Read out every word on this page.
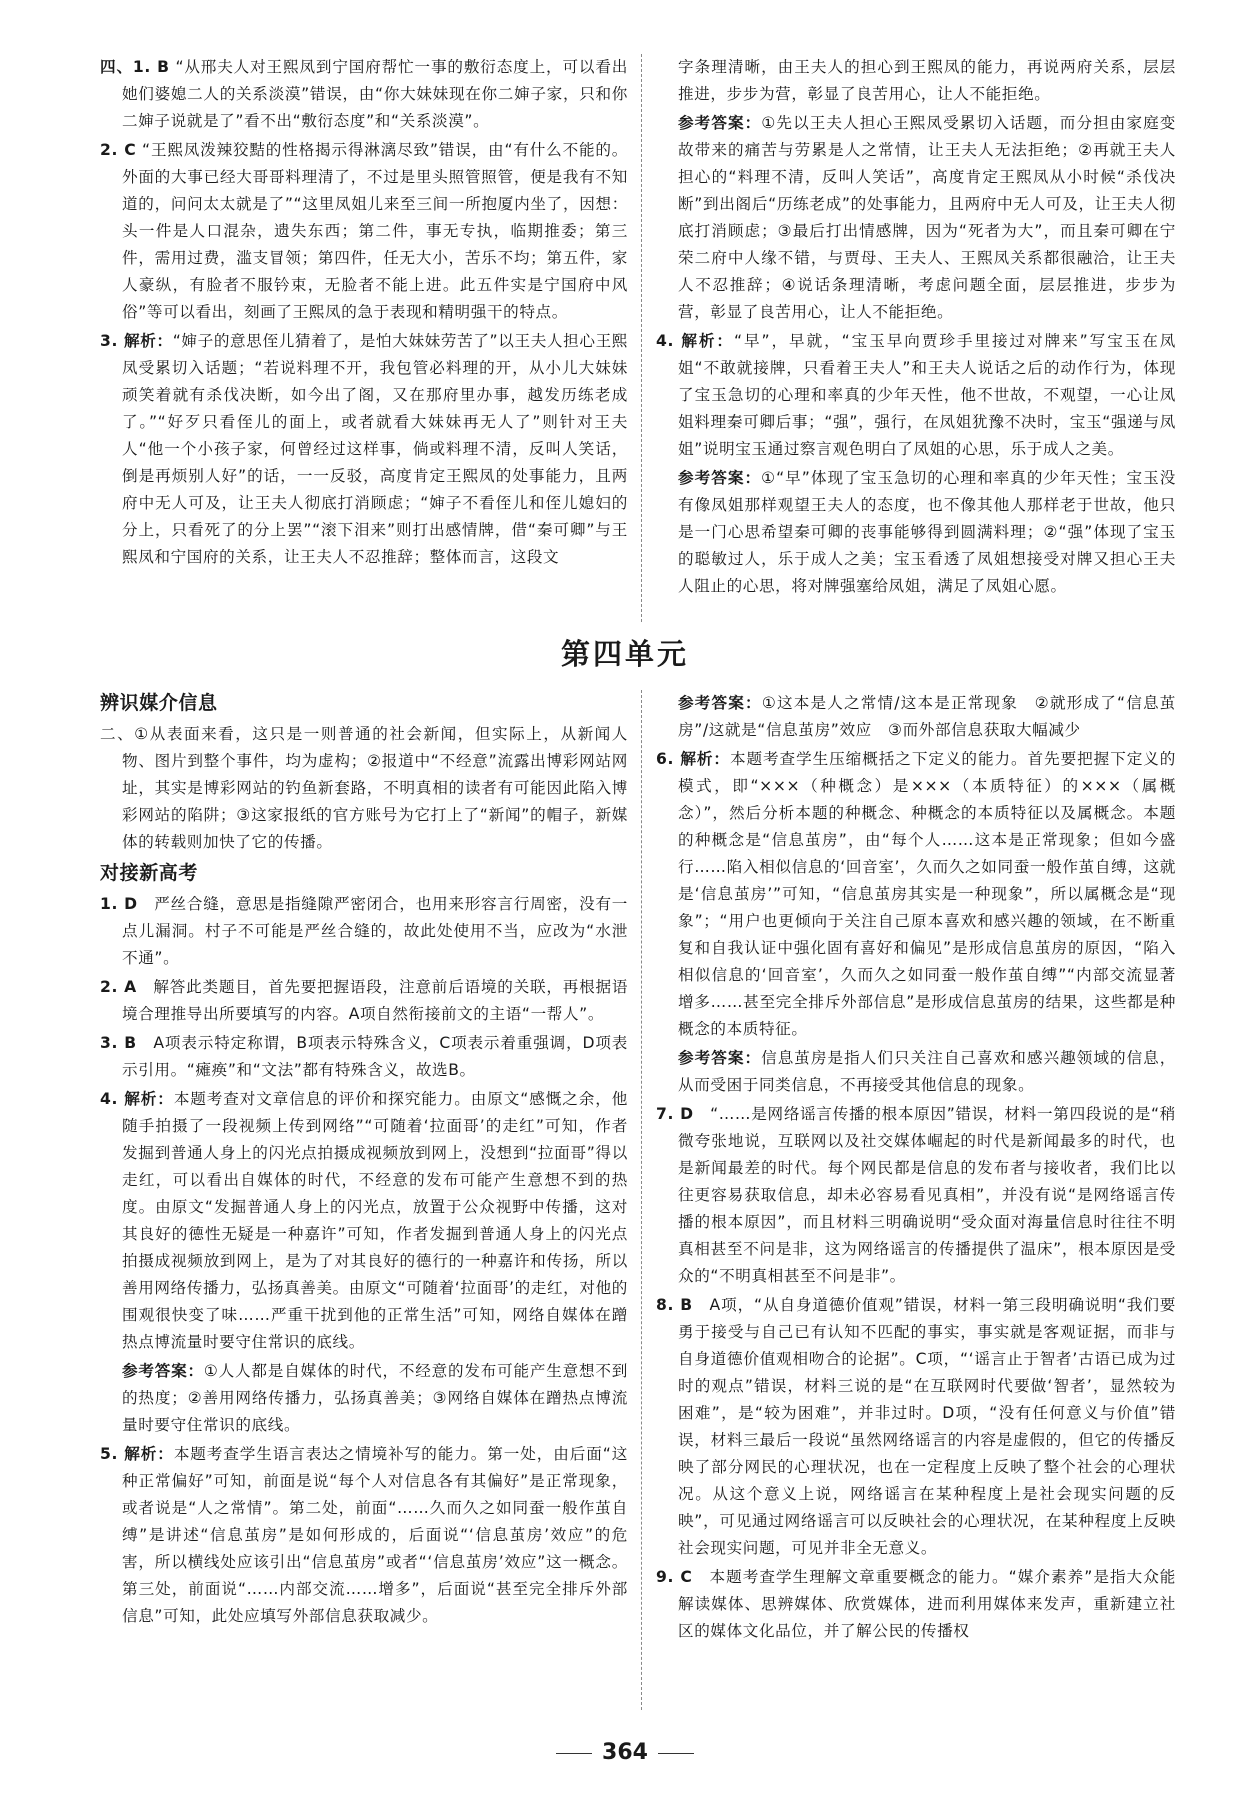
四、1. B “从邢夫人对王熙凤到宁国府帮忙一事的敷衍态度上，可以看出她们婆媳二人的关系淡漠”错误，由“你大妹妹现在你二婶子家，只和你二婶子说就是了”看不出“敷衍态度”和“关系淡漠”。

2. C “王熙凤泼辣狡黠的性格揭示得淋漓尽致”错误，由“有什么不能的。外面的大事已经大哥哥料理清了，不过是里头照管照管，便是我有不知道的，问问太太就是了”“这里凤姐儿来至三间一所抱厦内坐了，因想：头一件是人口混杂，遗失东西；第二件，事无专执，临期推委；第三件，需用过费，滥支冒领；第四件，任无大小，苦乐不均；第五件，家人豪纵，有脸者不服钤束，无脸者不能上进。此五件实是宁国府中风俗”等可以看出，刻画了王熙凤的急于表现和精明强干的特点。

3. 解析：“婶子的意思侄儿猜着了，是怕大妹妹劳苦了”以王夫人担心王熙凤受累切入话题；“若说料理不开，我包管必料理的开，从小儿大妹妹顽笑着就有杀伐决断，如今出了阁，又在那府里办事，越发历练老成了。”“好歹只看侄儿的面上，或者就看大妹妹再无人了”则针对王夫人“他一个小孩子家，何曾经过这样事，倘或料理不清，反叫人笑话，倒是再烦别人好”的话，一一反驳，高度肯定王熙凤的处事能力，且两府中无人可及，让王夫人彻底打消顾虑；“婶子不看侄儿和侄儿媳妇的分上，只看死了的分上罢”“滚下泪来”则打出感情牌，借“秦可卿”与王熙凤和宁国府的关系，让王夫人不忍推辞；整体而言，这段文

字条理清晰，由王夫人的担心到王熙凤的能力，再说两府关系，层层推进，步步为营，彰显了良苦用心，让人不能拒绝。

参考答案：①先以王夫人担心王熙凤受累切入话题，而分担由家庭变故带来的痛苦与劳累是人之常情，让王夫人无法拒绝；②再就王夫人担心的“料理不清，反叫人笑话”，高度肯定王熙凤从小时候“杀伐决断”到出阁后“历练老成”的处事能力，且两府中无人可及，让王夫人彻底打消顾虑；③最后打出情感牌，因为“死者为大”，而且秦可卿在宁荣二府中人缘不错，与贾母、王夫人、王熙凤关系都很融洽，让王夫人不忍推辞；④说话条理清晰，考虑问题全面，层层推进，步步为营，彰显了良苦用心，让人不能拒绝。

4. 解析：“早”，早就，“宝玉早向贾珍手里接过对牌来”写宝玉在凤姐“不敢就接牌，只看着王夫人”和王夫人说话之后的动作行为，体现了宝玉急切的心理和率真的少年天性，他不世故，不观望，一心让凤姐料理秦可卿后事；“强”，强行，在凤姐犹豫不决时，宝玉“强递与凤姐”说明宝玉通过察言观色明白了凤姐的心思，乐于成人之美。

参考答案：①“早”体现了宝玉急切的心理和率真的少年天性；宝玉没有像凤姐那样观望王夫人的态度，也不像其他人那样老于世故，他只是一门心思希望秦可卿的丧事能够得到圆满料理；②“强”体现了宝玉的聪敏过人，乐于成人之美；宝玉看透了凤姐想接受对牌又担心王夫人阻止的心思，将对牌强塞给凤姐，满足了凤姐心愿。

第四单元
辨识媒介信息

二、①从表面来看，这只是一则普通的社会新闻，但实际上，从新闻人物、图片到整个事件，均为虚构；②报道中“不经意”流露出博彩网站网址，其实是博彩网站的钓鱼新套路，不明真相的读者有可能因此陷入博彩网站的陷阱；③这家报纸的官方账号为它打上了“新闻”的帽子，新媒体的转载则加快了它的传播。

对接新高考

1. D　 严丝合缝，意思是指缝隙严密闭合，也用来形容言行周密，没有一点儿漏洞。村子不可能是严丝合缝的，故此处使用不当，应改为“水泄不通”。

2. A　 解答此类题目，首先要把握语段，注意前后语境的关联，再根据语境合理推导出所要填写的内容。A项自然衔接前文的主语“一帮人”。

3. B　 A项表示特定称谓，B项表示特殊含义，C项表示着重强调，D项表示引用。“瘫痪”和“文法”都有特殊含义，故选B。

4. 解析：本题考查对文章信息的评价和探究能力。由原文“感慨之余，他随手拍摄了一段视频上传到网络”“可随着‘拉面哥’的走红”可知，作者发掘到普通人身上的闪光点拍摄成视频放到网上，没想到“拉面哥”得以走红，可以看出自媒体的时代，不经意的发布可能产生意想不到的热度。由原文“发掘普通人身上的闪光点，放置于公众视野中传播，这对其良好的德性无疑是一种嘉许”可知，作者发掘到普通人身上的闪光点拍摄成视频放到网上，是为了对其良好的德行的一种嘉许和传扬，所以善用网络传播力，弘扬真善美。由原文“可随着‘拉面哥’的走红，对他的围观很快变了味……严重干扰到他的正常生活”可知，网络自媒体在蹭热点博流量时要守住常识的底线。

参考答案：①人人都是自媒体的时代，不经意的发布可能产生意想不到的热度；②善用网络传播力，弘扬真善美；③网络自媒体在蹭热点博流量时要守住常识的底线。

5. 解析：本题考查学生语言表达之情境补写的能力。第一处，由后面“这种正常偏好”可知，前面是说“每个人对信息各有其偏好”是正常现象，或者说是“人之常情”。第二处，前面“……久而久之如同蚕一般作茧自缚”是讲述“信息茧房”是如何形成的，后面说“‘信息茧房’效应”的危害，所以横线处应该引出“信息茧房”或者“‘信息茧房’效应”这一概念。第三处，前面说“……内部交流……增多”，后面说“甚至完全排斥外部信息”可知，此处应填写外部信息获取减少。

参考答案：①这本是人之常情/这本是正常现象　②就形成了“信息茧房”/这就是“信息茧房”效应　③而外部信息获取大幅减少

6. 解析：本题考查学生压缩概括之下定义的能力。首先要把握下定义的模式，即“×××（种概念）是×××（本质特征）的×××（属概念）”，然后分析本题的种概念、种概念的本质特征以及属概念。本题的种概念是“信息茧房”，由“每个人……这本是正常现象；但如今盛行……陷入相似信息的‘回音室’，久而久之如同蚕一般作茧自缚，这就是‘信息茧房’”可知，“信息茧房其实是一种现象”，所以属概念是“现象”；“用户也更倾向于关注自己原本喜欢和感兴趣的领域，在不断重复和自我认证中强化固有喜好和偏见”是形成信息茧房的原因，“陷入相似信息的‘回音室’，久而久之如同蚕一般作茧自缚”“内部交流显著增多……甚至完全排斥外部信息”是形成信息茧房的结果，这些都是种概念的本质特征。

参考答案：信息茧房是指人们只关注自己喜欢和感兴趣领域的信息，从而受困于同类信息，不再接受其他信息的现象。

7. D　 “……是网络谣言传播的根本原因”错误，材料一第四段说的是“稍微夸张地说，互联网以及社交媒体崛起的时代是新闻最多的时代，也是新闻最差的时代。每个网民都是信息的发布者与接收者，我们比以往更容易获取信息，却未必容易看见真相”，并没有说“是网络谣言传播的根本原因”，而且材料三明确说明“受众面对海量信息时往往不明真相甚至不问是非，这为网络谣言的传播提供了温床”，根本原因是受众的“不明真相甚至不问是非”。

8. B　 A项，“从自身道德价值观”错误，材料一第三段明确说明“我们要勇于接受与自己已有认知不匹配的事实，事实就是客观证据，而非与自身道德价值观相吻合的论据”。C项，“‘谣言止于智者’古语已成为过时的观点”错误，材料三说的是“在互联网时代要做‘智者’，显然较为困难”，是“较为困难”，并非过时。D项，“没有任何意义与价值”错误，材料三最后一段说“虽然网络谣言的内容是虚假的，但它的传播反映了部分网民的心理状况，也在一定程度上反映了整个社会的心理状况。从这个意义上说，网络谣言在某种程度上是社会现实问题的反映”，可见通过网络谣言可以反映社会的心理状况，在某种程度上反映社会现实问题，可见并非全无意义。

9. C　 本题考查学生理解文章重要概念的能力。“媒介素养”是指大众能解读媒体、思辨媒体、欣赏媒体，进而利用媒体来发声，重新建立社区的媒体文化品位，并了解公民的传播权

364
